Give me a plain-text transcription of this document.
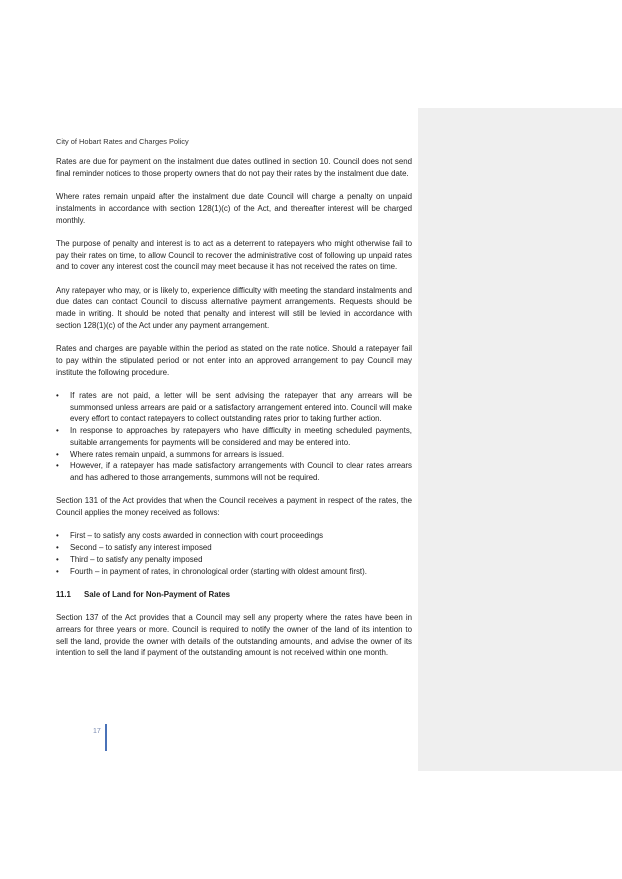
City of Hobart Rates and Charges Policy

Rates are due for payment on the instalment due dates outlined in section 10. Council does not send final reminder notices to those property owners that do not pay their rates by the instalment due date.

Where rates remain unpaid after the instalment due date Council will charge a penalty on unpaid instalments in accordance with section 128(1)(c) of the Act, and thereafter interest will be charged monthly.

The purpose of penalty and interest is to act as a deterrent to ratepayers who might otherwise fail to pay their rates on time, to allow Council to recover the administrative cost of following up unpaid rates and to cover any interest cost the council may meet because it has not received the rates on time.

Any ratepayer who may, or is likely to, experience difficulty with meeting the standard instalments and due dates can contact Council to discuss alternative payment arrangements. Requests should be made in writing. It should be noted that penalty and interest will still be levied in accordance with section 128(1)(c) of the Act under any payment arrangement.

Rates and charges are payable within the period as stated on the rate notice. Should a ratepayer fail to pay within the stipulated period or not enter into an approved arrangement to pay Council may institute the following procedure.

• If rates are not paid, a letter will be sent advising the ratepayer that any arrears will be summonsed unless arrears are paid or a satisfactory arrangement entered into. Council will make every effort to contact ratepayers to collect outstanding rates prior to taking further action.
• In response to approaches by ratepayers who have difficulty in meeting scheduled payments, suitable arrangements for payments will be considered and may be entered into.
• Where rates remain unpaid, a summons for arrears is issued.
• However, if a ratepayer has made satisfactory arrangements with Council to clear rates arrears and has adhered to those arrangements, summons will not be required.

Section 131 of the Act provides that when the Council receives a payment in respect of the rates, the Council applies the money received as follows:

• First – to satisfy any costs awarded in connection with court proceedings
• Second – to satisfy any interest imposed
• Third – to satisfy any penalty imposed
• Fourth – in payment of rates, in chronological order (starting with oldest amount first).
11.1 Sale of Land for Non-Payment of Rates

Section 137 of the Act provides that a Council may sell any property where the rates have been in arrears for three years or more. Council is required to notify the owner of the land of its intention to sell the land, provide the owner with details of the outstanding amounts, and advise the owner of its intention to sell the land if payment of the outstanding amount is not received within one month.

17
